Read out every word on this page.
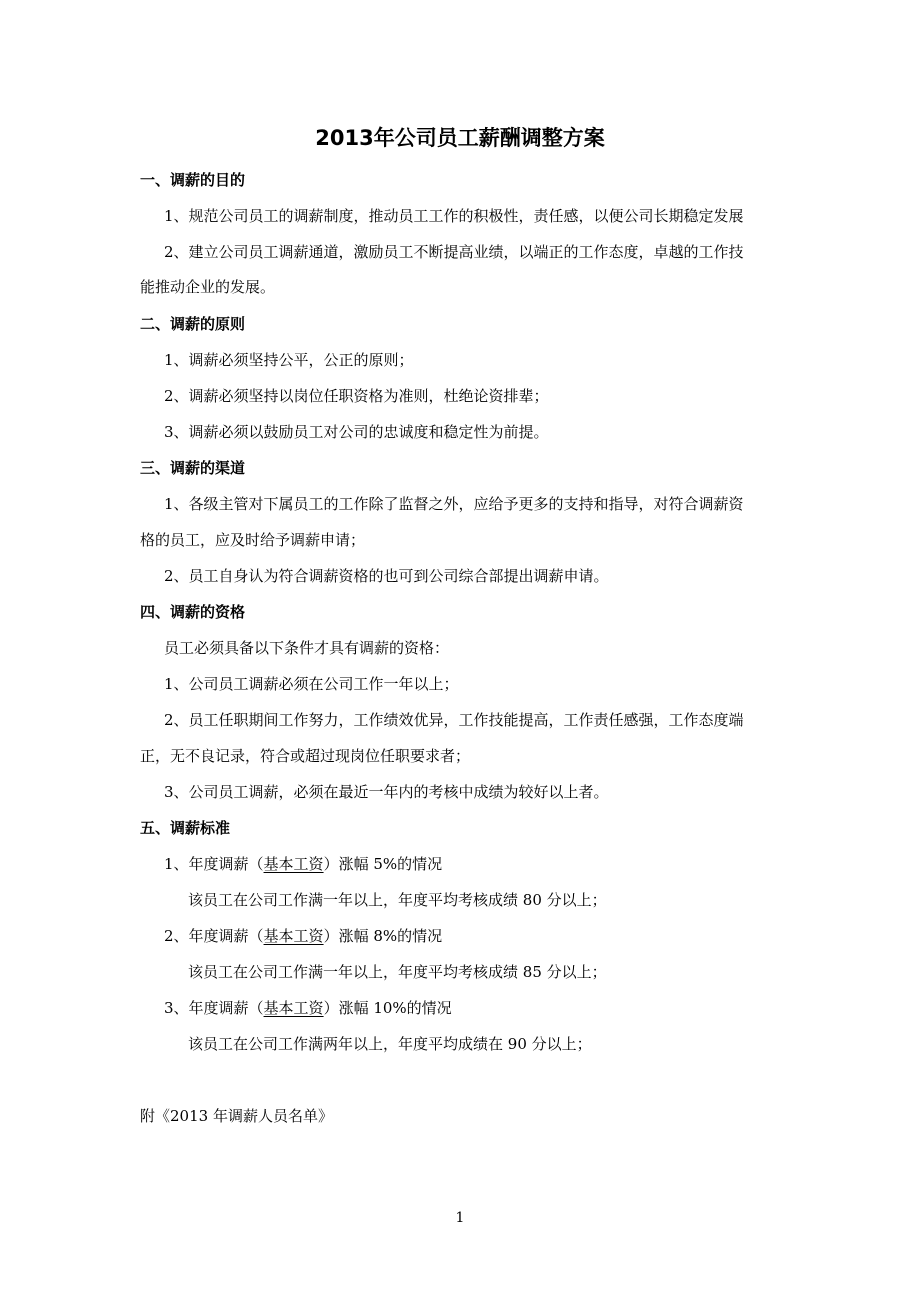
2013年公司员工薪酬调整方案
一、调薪的目的
1、规范公司员工的调薪制度，推动员工工作的积极性，责任感，以便公司长期稳定发展
2、建立公司员工调薪通道，激励员工不断提高业绩，以端正的工作态度，卓越的工作技
能推动企业的发展。
二、调薪的原则
1、调薪必须坚持公平，公正的原则；
2、调薪必须坚持以岗位任职资格为准则，杜绝论资排辈；
3、调薪必须以鼓励员工对公司的忠诚度和稳定性为前提。
三、调薪的渠道
1、各级主管对下属员工的工作除了监督之外，应给予更多的支持和指导，对符合调薪资
格的员工，应及时给予调薪申请；
2、员工自身认为符合调薪资格的也可到公司综合部提出调薪申请。
四、调薪的资格
员工必须具备以下条件才具有调薪的资格：
1、公司员工调薪必须在公司工作一年以上；
2、员工任职期间工作努力，工作绩效优异，工作技能提高，工作责任感强，工作态度端
正，无不良记录，符合或超过现岗位任职要求者；
3、公司员工调薪，必须在最近一年内的考核中成绩为较好以上者。
五、调薪标准
1、年度调薪（基本工资）涨幅 5%的情况
该员工在公司工作满一年以上，年度平均考核成绩 80 分以上；
2、年度调薪（基本工资）涨幅 8%的情况
该员工在公司工作满一年以上，年度平均考核成绩 85 分以上；
3、年度调薪（基本工资）涨幅 10%的情况
该员工在公司工作满两年以上，年度平均成绩在 90 分以上；
附《2013 年调薪人员名单》
1
